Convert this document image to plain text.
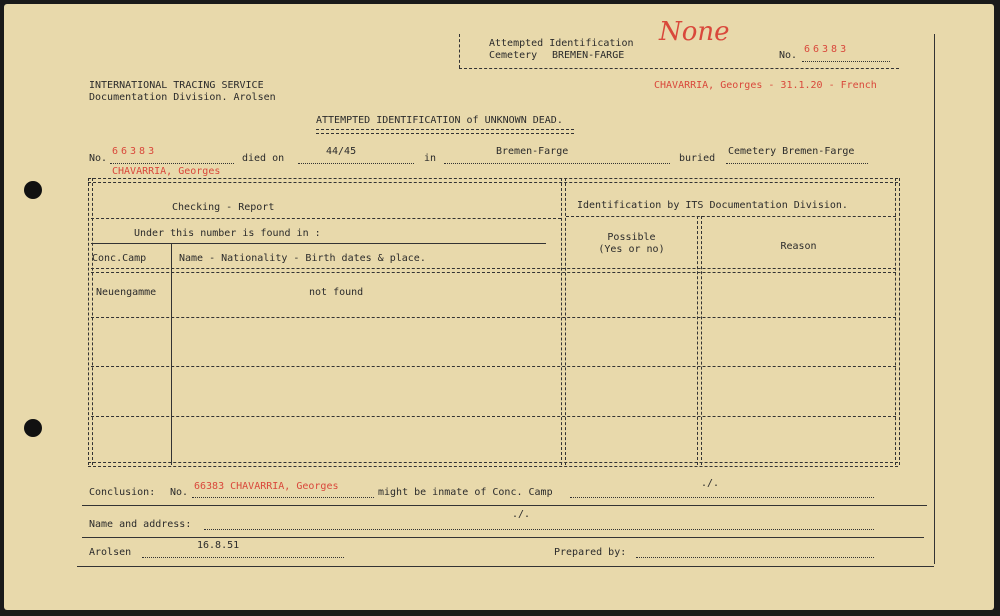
Attempted Identification
Cemetery BREMEN-FARGE
None
No.
66383
INTERNATIONAL TRACING SERVICE
Documentation Division. Arolsen
CHAVARRIA, Georges - 31.1.20 - French
ATTEMPTED IDENTIFICATION of UNKNOWN DEAD.
No.
66383
died on
44/45
in
Bremen-Farge
buried
Cemetery Bremen-Farge
CHAVARRIA, Georges
Checking - Report	Identification by ITS Documentation Division.
Under this number is found in :	Possible
(Yes or no)	Reason
Conc.Camp	Name - Nationality - Birth dates & place.
Neuengamme	not found
Conclusion: No.
66383 CHAVARRIA, Georges
might be inmate of Conc. Camp
./.
Name and address:
./.
Arolsen
16.8.51
Prepared by:
